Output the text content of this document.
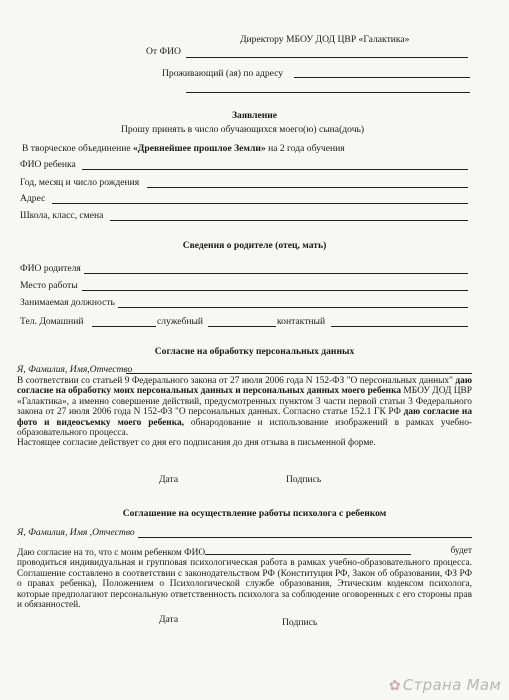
Директору МБОУ ДОД ЦВР «Галактика»
От ФИО
Проживающий (ая) по адресу
Заявление
Прошу принять в число обучающихся моего(ю) сына(дочь)
В творческое объединение «Древнейшее прошлое Земли» на 2 года обучения
ФИО ребенка
Год, месяц и число рождения
Адрес
Школа, класс, смена
Сведения о родителе (отец, мать)
ФИО родителя
Место работы
Занимаемая должность
Тел. Домашний	служебный	контактный
Согласие на обработку персональных данных
Я, Фамилия, Имя,Отчество
В соответствии со статьей 9 Федерального закона от 27 июля 2006 года N 152-ФЗ "О персональных данных" даю согласие на обработку моих персональных данных и персональных данных моего ребенка МБОУ ДОД ЦВР «Галактика», а именно совершение действий, предусмотренных пунктом 3 части первой статьи 3 Федерального закона от 27 июля 2006 года N 152-ФЗ "О персональных данных. Согласно статье 152.1 ГК РФ даю согласие на фото и видеосъемку моего ребенка, обнародование и использование изображений в рамках учебно-образовательного процесса.
Настоящее согласие действует со дня его подписания до дня отзыва в письменной форме.
Дата	Подпись
Соглашение на осуществление работы психолога с ребенком
Я, Фамилия, Имя ,Отчество
Даю согласие на то, что с моим ребенком ФИО	будет

проводиться индивидуальная и групповая психологическая работа в рамках учебно-образовательного процесса. Соглашение составлено в соответствии с законодательством РФ (Конституция РФ, Закон об образовании, ФЗ РФ о правах ребенка), Положением о Психологической службе образования, Этическим кодексом психолога, которые предполагают персональную ответственность психолога за соблюдение оговоренных с его стороны прав и обязанностей.
Дата	Подпись
✿ Страна Мам
